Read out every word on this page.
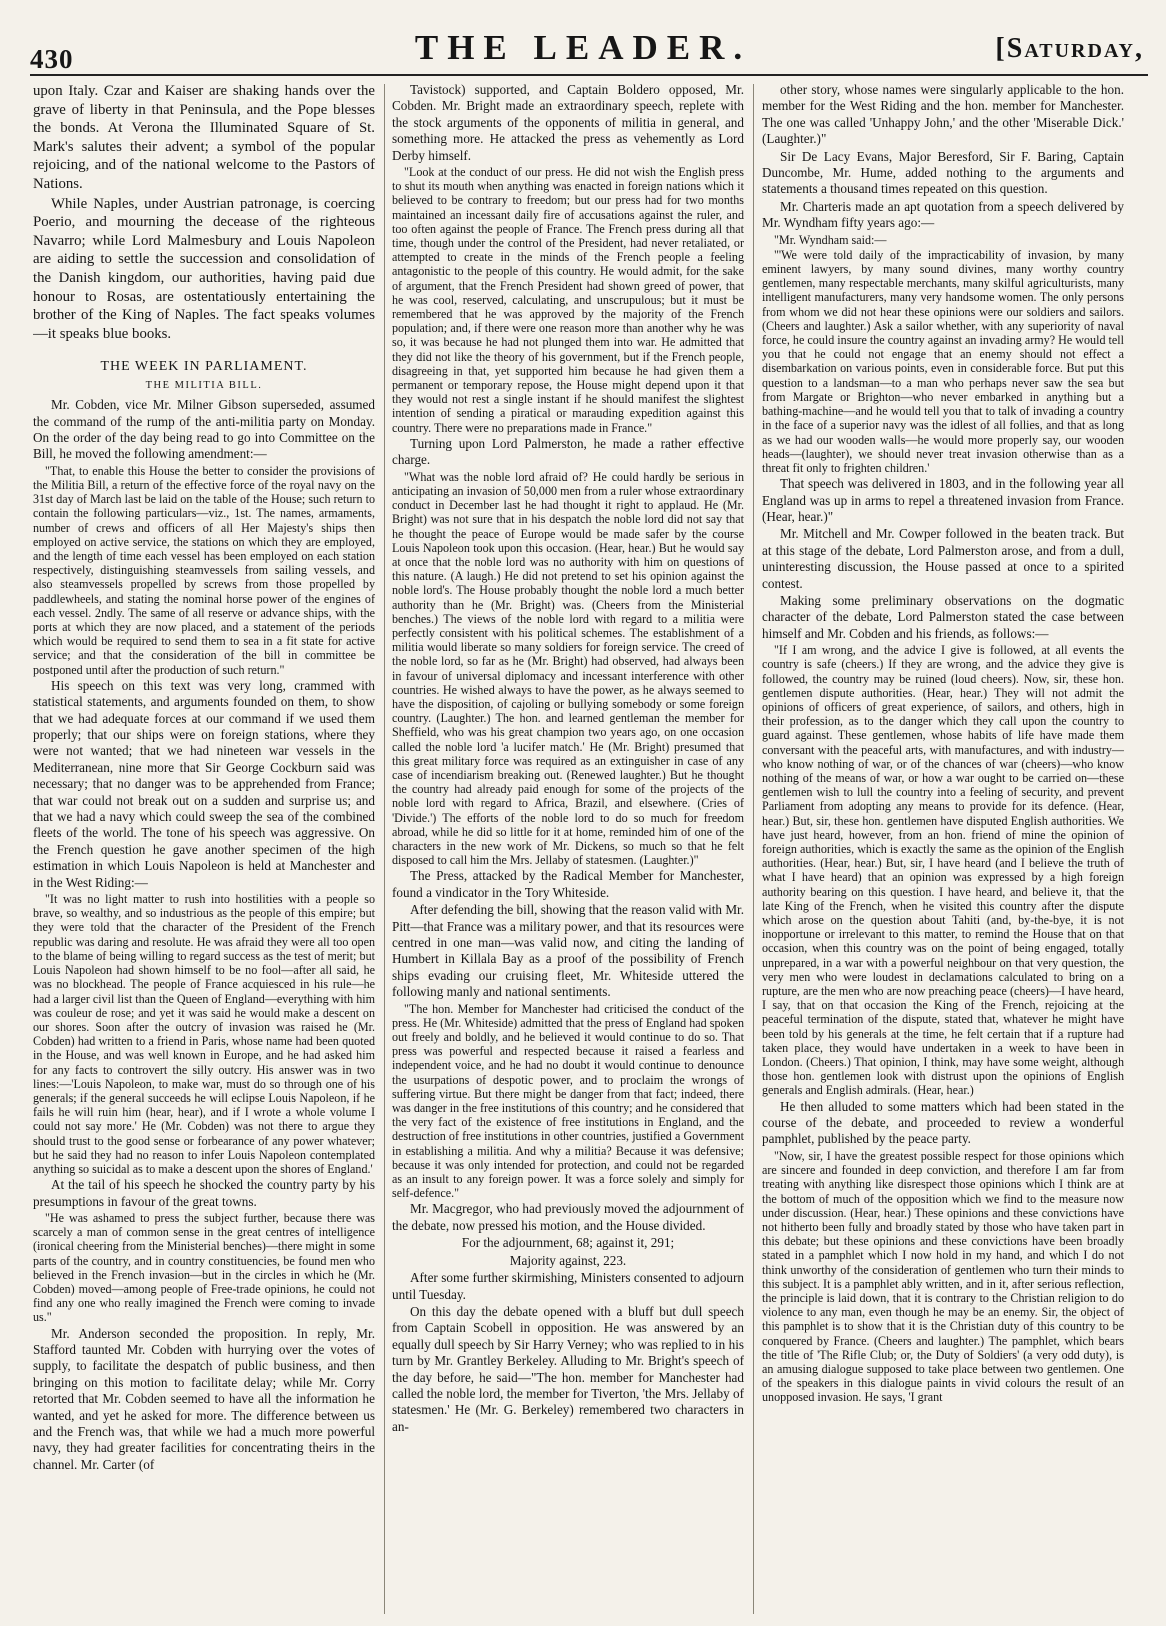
430	THE LEADER.	[Saturday,

upon Italy. Czar and Kaiser are shaking hands over the grave of liberty in that Peninsula, and the Pope blesses the bonds. At Verona the Illuminated Square of St. Mark's salutes their advent; a symbol of the popular rejoicing, and of the national welcome to the Pastors of Nations.

While Naples, under Austrian patronage, is coercing Poerio, and mourning the decease of the righteous Navarro; while Lord Malmesbury and Louis Napoleon are aiding to settle the succession and consolidation of the Danish kingdom, our authorities, having paid due honour to Rosas, are ostentatiously entertaining the brother of the King of Naples. The fact speaks volumes—it speaks blue books.

THE WEEK IN PARLIAMENT.
THE MILITIA BILL.

Mr. Cobden, vice Mr. Milner Gibson superseded, assumed the command of the rump of the anti-militia party on Monday. On the order of the day being read to go into Committee on the Bill, he moved the following amendment:—

"That, to enable this House the better to consider the provisions of the Militia Bill, a return of the effective force of the royal navy on the 31st day of March last be laid on the table of the House; such return to contain the following particulars—viz., 1st. The names, armaments, number of crews and officers of all Her Majesty's ships then employed on active service, the stations on which they are employed, and the length of time each vessel has been employed on each station respectively, distinguishing steamvessels from sailing vessels, and also steamvessels propelled by screws from those propelled by paddlewheels, and stating the nominal horse power of the engines of each vessel. 2ndly. The same of all reserve or advance ships, with the ports at which they are now placed, and a statement of the periods which would be required to send them to sea in a fit state for active service; and that the consideration of the bill in committee be postponed until after the production of such return."

His speech on this text was very long, crammed with statistical statements, and arguments founded on them, to show that we had adequate forces at our command if we used them properly; that our ships were on foreign stations, where they were not wanted; that we had nineteen war vessels in the Mediterranean, nine more that Sir George Cockburn said was necessary; that no danger was to be apprehended from France; that war could not break out on a sudden and surprise us; and that we had a navy which could sweep the sea of the combined fleets of the world. The tone of his speech was aggressive. On the French question he gave another specimen of the high estimation in which Louis Napoleon is held at Manchester and in the West Riding:—

"It was no light matter to rush into hostilities with a people so brave, so wealthy, and so industrious as the people of this empire; but they were told that the character of the President of the French republic was daring and resolute. He was afraid they were all too open to the blame of being willing to regard success as the test of merit; but Louis Napoleon had shown himself to be no fool—after all said, he was no blockhead. The people of France acquiesced in his rule—he had a larger civil list than the Queen of England—everything with him was couleur de rose; and yet it was said he would make a descent on our shores. Soon after the outcry of invasion was raised he (Mr. Cobden) had written to a friend in Paris, whose name had been quoted in the House, and was well known in Europe, and he had asked him for any facts to controvert the silly outcry. His answer was in two lines:—'Louis Napoleon, to make war, must do so through one of his generals; if the general succeeds he will eclipse Louis Napoleon, if he fails he will ruin him (hear, hear), and if I wrote a whole volume I could not say more.' He (Mr. Cobden) was not there to argue they should trust to the good sense or forbearance of any power whatever; but he said they had no reason to infer Louis Napoleon contemplated anything so suicidal as to make a descent upon the shores of England.'

At the tail of his speech he shocked the country party by his presumptions in favour of the great towns.

"He was ashamed to press the subject further, because there was scarcely a man of common sense in the great centres of intelligence (ironical cheering from the Ministerial benches)—there might in some parts of the country, and in country constituencies, be found men who believed in the French invasion—but in the circles in which he (Mr. Cobden) moved—among people of Free-trade opinions, he could not find any one who really imagined the French were coming to invade us."

Mr. Anderson seconded the proposition. In reply, Mr. Stafford taunted Mr. Cobden with hurrying over the votes of supply, to facilitate the despatch of public business, and then bringing on this motion to facilitate delay; while Mr. Corry retorted that Mr. Cobden seemed to have all the information he wanted, and yet he asked for more. The difference between us and the French was, that while we had a much more powerful navy, they had greater facilities for concentrating theirs in the channel. Mr. Carter (of

Tavistock) supported, and Captain Boldero opposed, Mr. Cobden. Mr. Bright made an extraordinary speech, replete with the stock arguments of the opponents of militia in general, and something more. He attacked the press as vehemently as Lord Derby himself.

"Look at the conduct of our press. He did not wish the English press to shut its mouth when anything was enacted in foreign nations which it believed to be contrary to freedom; but our press had for two months maintained an incessant daily fire of accusations against the ruler, and too often against the people of France. The French press during all that time, though under the control of the President, had never retaliated, or attempted to create in the minds of the French people a feeling antagonistic to the people of this country. He would admit, for the sake of argument, that the French President had shown greed of power, that he was cool, reserved, calculating, and unscrupulous; but it must be remembered that he was approved by the majority of the French population; and, if there were one reason more than another why he was so, it was because he had not plunged them into war. He admitted that they did not like the theory of his government, but if the French people, disagreeing in that, yet supported him because he had given them a permanent or temporary repose, the House might depend upon it that they would not rest a single instant if he should manifest the slightest intention of sending a piratical or marauding expedition against this country. There were no preparations made in France."

Turning upon Lord Palmerston, he made a rather effective charge.

"What was the noble lord afraid of? He could hardly be serious in anticipating an invasion of 50,000 men from a ruler whose extraordinary conduct in December last he had thought it right to applaud. He (Mr. Bright) was not sure that in his despatch the noble lord did not say that he thought the peace of Europe would be made safer by the course Louis Napoleon took upon this occasion. (Hear, hear.) But he would say at once that the noble lord was no authority with him on questions of this nature. (A laugh.) He did not pretend to set his opinion against the noble lord's. The House probably thought the noble lord a much better authority than he (Mr. Bright) was. (Cheers from the Ministerial benches.) The views of the noble lord with regard to a militia were perfectly consistent with his political schemes. The establishment of a militia would liberate so many soldiers for foreign service. The creed of the noble lord, so far as he (Mr. Bright) had observed, had always been in favour of universal diplomacy and incessant interference with other countries. He wished always to have the power, as he always seemed to have the disposition, of cajoling or bullying somebody or some foreign country. (Laughter.) The hon. and learned gentleman the member for Sheffield, who was his great champion two years ago, on one occasion called the noble lord 'a lucifer match.' He (Mr. Bright) presumed that this great military force was required as an extinguisher in case of any case of incendiarism breaking out. (Renewed laughter.) But he thought the country had already paid enough for some of the projects of the noble lord with regard to Africa, Brazil, and elsewhere. (Cries of 'Divide.') The efforts of the noble lord to do so much for freedom abroad, while he did so little for it at home, reminded him of one of the characters in the new work of Mr. Dickens, so much so that he felt disposed to call him the Mrs. Jellaby of statesmen. (Laughter.)"

The Press, attacked by the Radical Member for Manchester, found a vindicator in the Tory Whiteside.

After defending the bill, showing that the reason valid with Mr. Pitt—that France was a military power, and that its resources were centred in one man—was valid now, and citing the landing of Humbert in Killala Bay as a proof of the possibility of French ships evading our cruising fleet, Mr. Whiteside uttered the following manly and national sentiments.

"The hon. Member for Manchester had criticised the conduct of the press. He (Mr. Whiteside) admitted that the press of England had spoken out freely and boldly, and he believed it would continue to do so. That press was powerful and respected because it raised a fearless and independent voice, and he had no doubt it would continue to denounce the usurpations of despotic power, and to proclaim the wrongs of suffering virtue. But there might be danger from that fact; indeed, there was danger in the free institutions of this country; and he considered that the very fact of the existence of free institutions in England, and the destruction of free institutions in other countries, justified a Government in establishing a militia. And why a militia? Because it was defensive; because it was only intended for protection, and could not be regarded as an insult to any foreign power. It was a force solely and simply for self-defence."

Mr. Macgregor, who had previously moved the adjournment of the debate, now pressed his motion, and the House divided.

For the adjournment, 68; against it, 291;

Majority against, 223.

After some further skirmishing, Ministers consented to adjourn until Tuesday.

On this day the debate opened with a bluff but dull speech from Captain Scobell in opposition. He was answered by an equally dull speech by Sir Harry Verney; who was replied to in his turn by Mr. Grantley Berkeley. Alluding to Mr. Bright's speech of the day before, he said—"The hon. member for Manchester had called the noble lord, the member for Tiverton, 'the Mrs. Jellaby of statesmen.' He (Mr. G. Berkeley) remembered two characters in an-

other story, whose names were singularly applicable to the hon. member for the West Riding and the hon. member for Manchester. The one was called 'Unhappy John,' and the other 'Miserable Dick.' (Laughter.)"

Sir De Lacy Evans, Major Beresford, Sir F. Baring, Captain Duncombe, Mr. Hume, added nothing to the arguments and statements a thousand times repeated on this question.

Mr. Charteris made an apt quotation from a speech delivered by Mr. Wyndham fifty years ago:—

"Mr. Wyndham said:—

"'We were told daily of the impracticability of invasion, by many eminent lawyers, by many sound divines, many worthy country gentlemen, many respectable merchants, many skilful agriculturists, many intelligent manufacturers, many very handsome women. The only persons from whom we did not hear these opinions were our soldiers and sailors. (Cheers and laughter.) Ask a sailor whether, with any superiority of naval force, he could insure the country against an invading army? He would tell you that he could not engage that an enemy should not effect a disembarkation on various points, even in considerable force. But put this question to a landsman—to a man who perhaps never saw the sea but from Margate or Brighton—who never embarked in anything but a bathing-machine—and he would tell you that to talk of invading a country in the face of a superior navy was the idlest of all follies, and that as long as we had our wooden walls—he would more properly say, our wooden heads—(laughter), we should never treat invasion otherwise than as a threat fit only to frighten children.'

That speech was delivered in 1803, and in the following year all England was up in arms to repel a threatened invasion from France. (Hear, hear.)"

Mr. Mitchell and Mr. Cowper followed in the beaten track. But at this stage of the debate, Lord Palmerston arose, and from a dull, uninteresting discussion, the House passed at once to a spirited contest.

Making some preliminary observations on the dogmatic character of the debate, Lord Palmerston stated the case between himself and Mr. Cobden and his friends, as follows:—

"If I am wrong, and the advice I give is followed, at all events the country is safe (cheers.) If they are wrong, and the advice they give is followed, the country may be ruined (loud cheers). Now, sir, these hon. gentlemen dispute authorities. (Hear, hear.) They will not admit the opinions of officers of great experience, of sailors, and others, high in their profession, as to the danger which they call upon the country to guard against. These gentlemen, whose habits of life have made them conversant with the peaceful arts, with manufactures, and with industry—who know nothing of war, or of the chances of war (cheers)—who know nothing of the means of war, or how a war ought to be carried on—these gentlemen wish to lull the country into a feeling of security, and prevent Parliament from adopting any means to provide for its defence. (Hear, hear.) But, sir, these hon. gentlemen have disputed English authorities. We have just heard, however, from an hon. friend of mine the opinion of foreign authorities, which is exactly the same as the opinion of the English authorities. (Hear, hear.) But, sir, I have heard (and I believe the truth of what I have heard) that an opinion was expressed by a high foreign authority bearing on this question. I have heard, and believe it, that the late King of the French, when he visited this country after the dispute which arose on the question about Tahiti (and, by-the-bye, it is not inopportune or irrelevant to this matter, to remind the House that on that occasion, when this country was on the point of being engaged, totally unprepared, in a war with a powerful neighbour on that very question, the very men who were loudest in declamations calculated to bring on a rupture, are the men who are now preaching peace (cheers)—I have heard, I say, that on that occasion the King of the French, rejoicing at the peaceful termination of the dispute, stated that, whatever he might have been told by his generals at the time, he felt certain that if a rupture had taken place, they would have undertaken in a week to have been in London. (Cheers.) That opinion, I think, may have some weight, although those hon. gentlemen look with distrust upon the opinions of English generals and English admirals. (Hear, hear.)

He then alluded to some matters which had been stated in the course of the debate, and proceeded to review a wonderful pamphlet, published by the peace party.

"Now, sir, I have the greatest possible respect for those opinions which are sincere and founded in deep conviction, and therefore I am far from treating with anything like disrespect those opinions which I think are at the bottom of much of the opposition which we find to the measure now under discussion. (Hear, hear.) These opinions and these convictions have not hitherto been fully and broadly stated by those who have taken part in this debate; but these opinions and these convictions have been broadly stated in a pamphlet which I now hold in my hand, and which I do not think unworthy of the consideration of gentlemen who turn their minds to this subject. It is a pamphlet ably written, and in it, after serious reflection, the principle is laid down, that it is contrary to the Christian religion to do violence to any man, even though he may be an enemy. Sir, the object of this pamphlet is to show that it is the Christian duty of this country to be conquered by France. (Cheers and laughter.) The pamphlet, which bears the title of 'The Rifle Club; or, the Duty of Soldiers' (a very odd duty), is an amusing dialogue supposed to take place between two gentlemen. One of the speakers in this dialogue paints in vivid colours the result of an unopposed invasion. He says, 'I grant
